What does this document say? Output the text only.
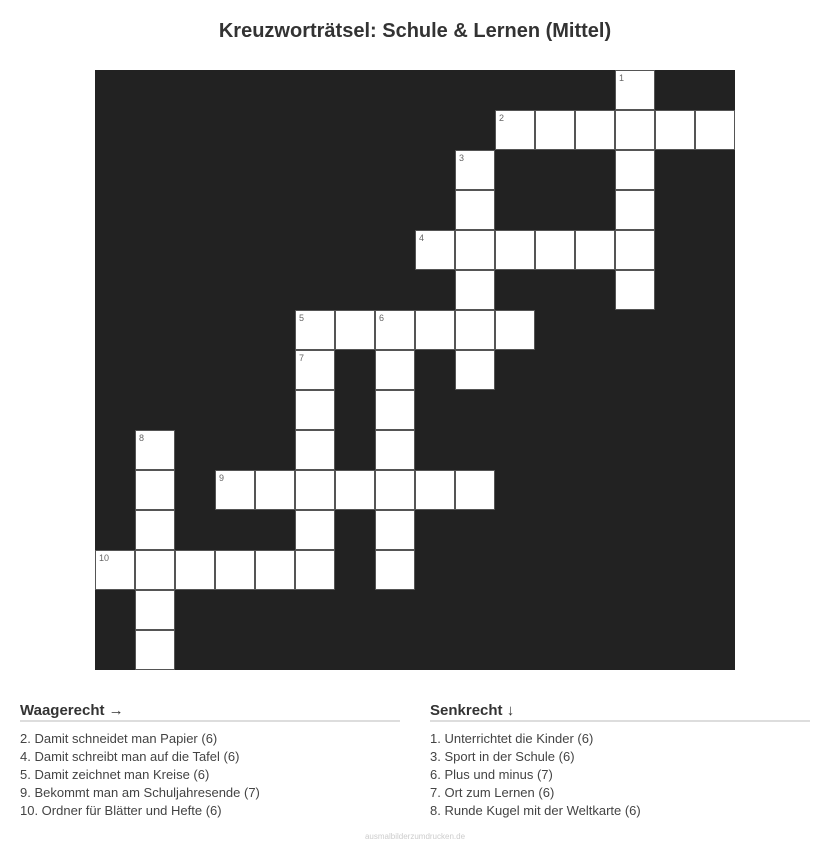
Kreuzworträtsel: Schule & Lernen (Mittel)
1
2
3
4
5	6
7
8
9
10
Waagerecht →
2. Damit schneidet man Papier (6)
4. Damit schreibt man auf die Tafel (6)
5. Damit zeichnet man Kreise (6)
9. Bekommt man am Schuljahresende (7)
10. Ordner für Blätter und Hefte (6)
Senkrecht ↓
1. Unterrichtet die Kinder (6)
3. Sport in der Schule (6)
6. Plus und minus (7)
7. Ort zum Lernen (6)
8. Runde Kugel mit der Weltkarte (6)
ausmalbilderzumdrucken.de
